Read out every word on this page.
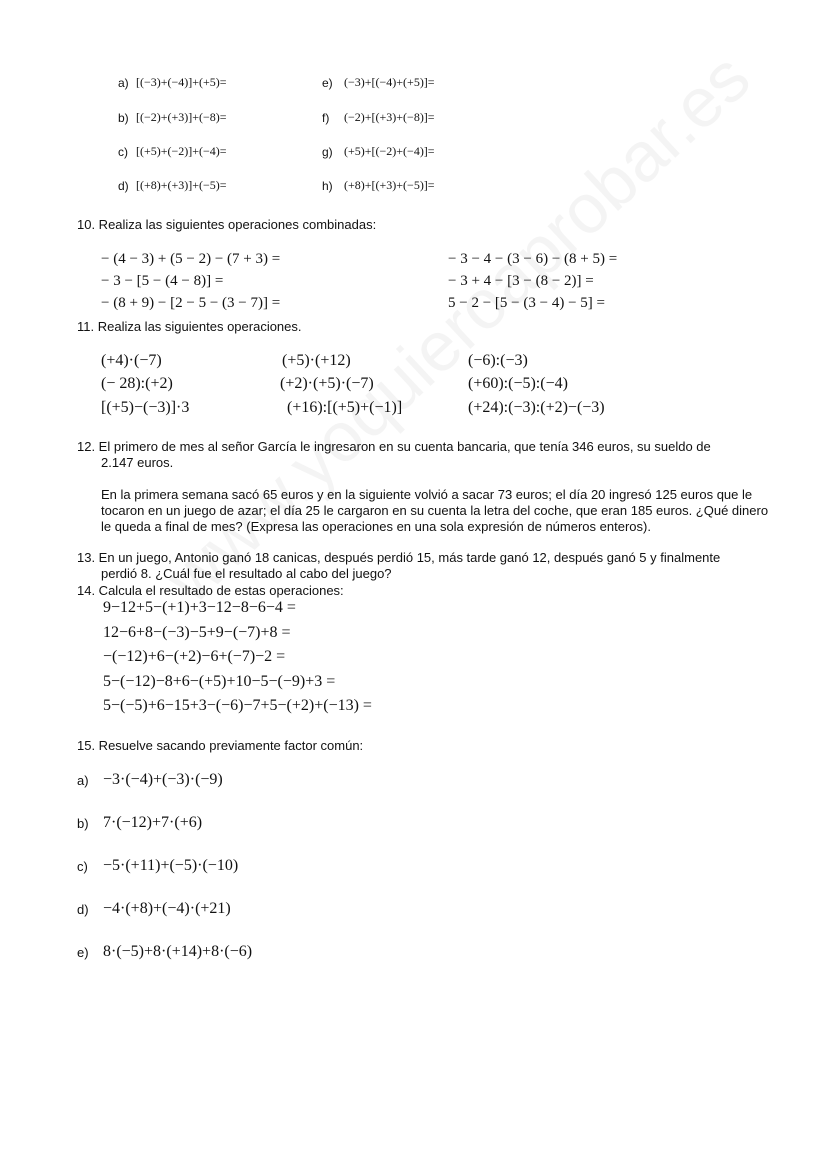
a) [(−3)+(−4)]+(+5)=
b) [(−2)+(+3)]+(−8)=
c) [(+5)+(−2)]+(−4)=
d) [(+8)+(+3)]+(−5)=
e) (−3)+[(−4)+(+5)]=
f) (−2)+[(+3)+(−8)]=
g) (+5)+[(−2)+(−4)]=
h) (+8)+[(+3)+(−5)]=
10. Realiza las siguientes operaciones combinadas:
− (4 − 3) + (5 − 2) − (7 + 3) =
− 3 − [5 − (4 − 8)] =
− (8 + 9) − [2 − 5 − (3 − 7)] =
− 3 − 4 − (3 − 6) − (8 + 5) =
− 3 + 4 − [3 − (8 − 2)] =
5 − 2 − [5 − (3 − 4) − 5] =
11. Realiza las siguientes operaciones.
(+4)·(−7)
(− 28):(+2)
[(+5)−(−3)]·3
(+5)·(+12)
(+2)·(+5)·(−7)
(+16):[(+5)+(−1)]
(−6):(−3)
(+60):(−5):(−4)
(+24):(−3):(+2)−(−3)
12. El primero de mes al señor García le ingresaron en su cuenta bancaria, que tenía 346 euros, su sueldo de
2.147 euros.
En la primera semana sacó 65 euros y en la siguiente volvió a sacar 73 euros; el día 20 ingresó 125 euros que le tocaron en un juego de azar; el día 25 le cargaron en su cuenta la letra del coche, que eran 185 euros. ¿Qué dinero le queda a final de mes? (Expresa las operaciones en una sola expresión de números enteros).
13. En un juego, Antonio ganó 18 canicas, después perdió 15, más tarde ganó 12, después ganó 5 y finalmente
perdió 8. ¿Cuál fue el resultado al cabo del juego?
14. Calcula el resultado de estas operaciones:
9−12+5−(+1)+3−12−8−6−4 =
12−6+8−(−3)−5+9−(−7)+8 =
−(−12)+6−(+2)−6+(−7)−2 =
5−(−12)−8+6−(+5)+10−5−(−9)+3 =
5−(−5)+6−15+3−(−6)−7+5−(+2)+(−13) =
15. Resuelve sacando previamente factor común:
a) −3·(−4)+(−3)·(−9)
b) 7·(−12)+7·(+6)
c) −5·(+11)+(−5)·(−10)
d) −4·(+8)+(−4)·(+21)
e) 8·(−5)+8·(+14)+8·(−6)
